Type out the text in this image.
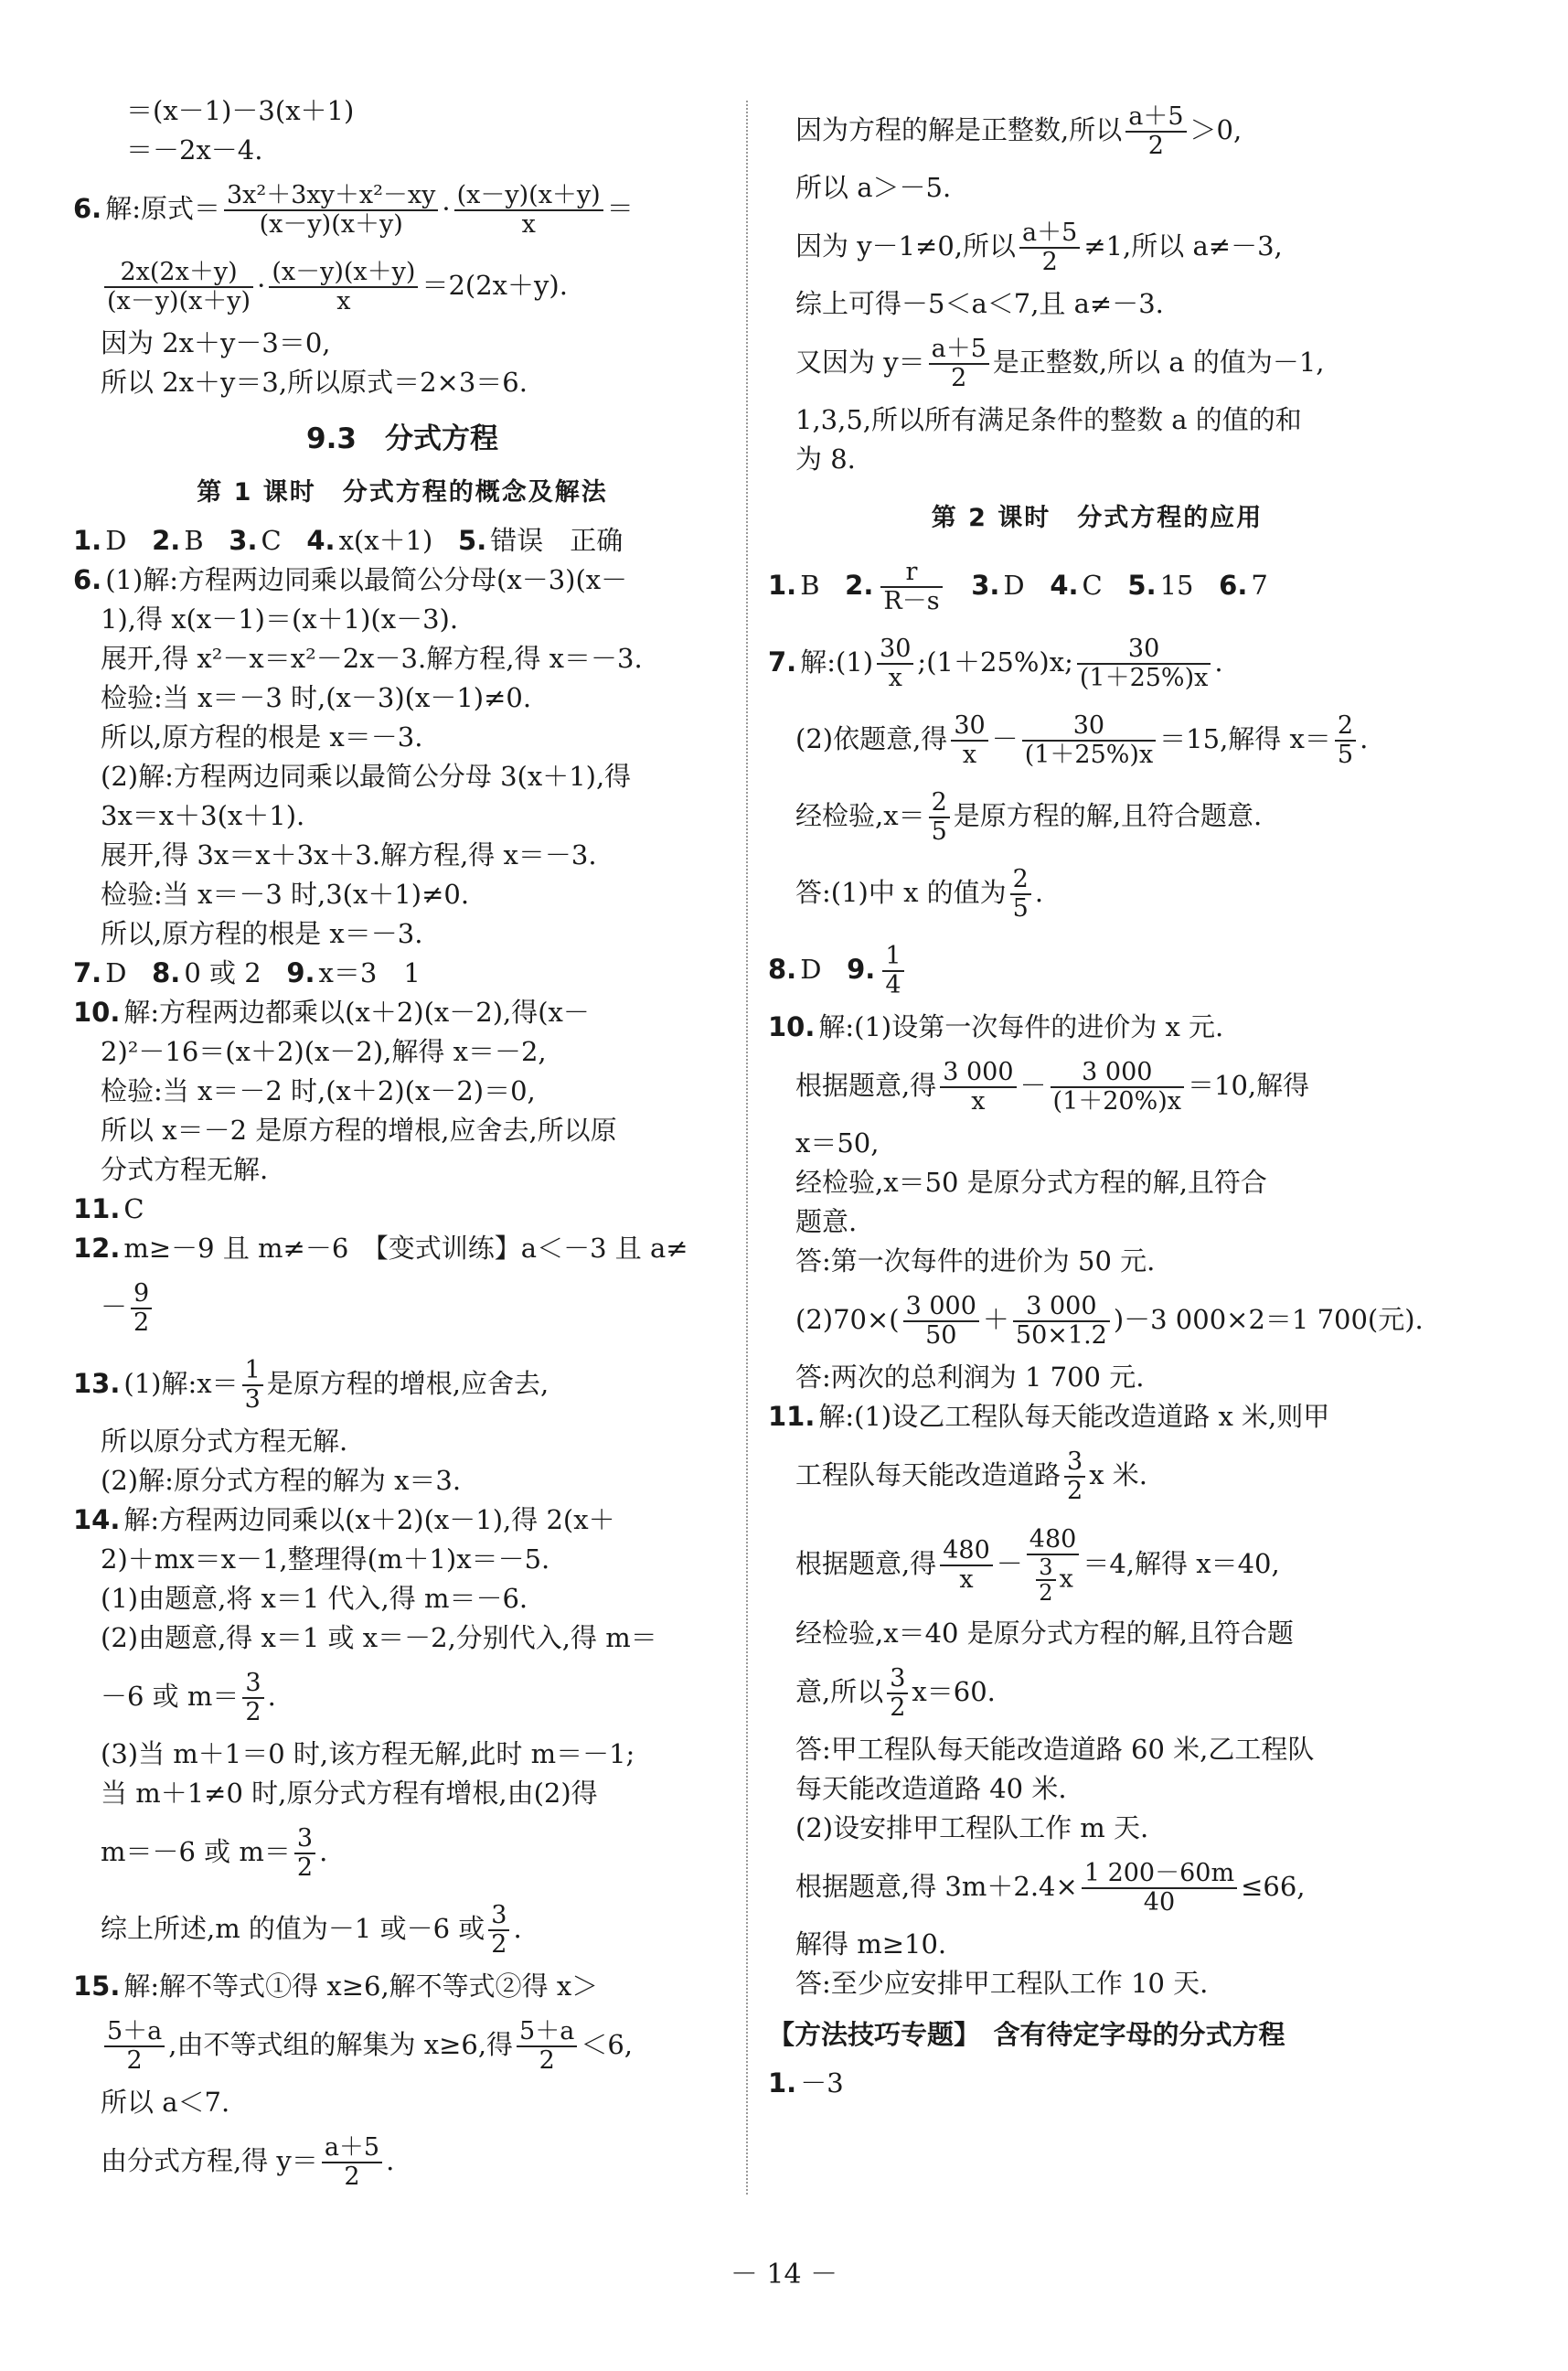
＝(x－1)－3(x＋1)
＝－2x－4.
6. 解:原式＝ $\frac{\text{3x²＋3xy＋x²－xy}}{(x-y)(x+y)} \cdot \frac{(x-y)(x+y)}{x}$ ＝
$\frac{2x(2x+y)}{(x-y)(x+y)} \cdot \frac{(x-y)(x+y)}{x} =2(2x+y)$.
因为 2x＋y－3＝0,
所以 2x＋y＝3,所以原式＝2×3＝6.
9.3　分式方程
第 1 课时　分式方程的概念及解法
1. D 2. B 3. C 4. x(x＋1) 5. 错误　正确
6. (1)解:方程两边同乘以最简公分母(x－3)(x－
1),得 x(x－1)＝(x＋1)(x－3).
展开,得 x²－x＝x²－2x－3.解方程,得 x＝－3.
检验:当 x＝－3 时,(x－3)(x－1)≠0.
所以,原方程的根是 x＝－3.
(2)解:方程两边同乘以最简公分母 3(x＋1),得
3x＝x＋3(x＋1).
展开,得 3x＝x＋3x＋3.解方程,得 x＝－3.
检验:当 x＝－3 时,3(x＋1)≠0.
所以,原方程的根是 x＝－3.
7. D 8. 0 或 2 9. x＝3　1
10. 解:方程两边都乘以(x＋2)(x－2),得(x－
2)²－16＝(x＋2)(x－2),解得 x＝－2,
检验:当 x＝－2 时,(x＋2)(x－2)＝0,
所以 x＝－2 是原方程的增根,应舍去,所以原
分式方程无解.
11. C
12. m≥－9 且 m≠－6　【变式训练】a＜－3 且 a≠
－ $\frac{9}{2}$
13. (1)解:x＝ $\frac{1}{3}$ 是原方程的增根,应舍去,
所以原分式方程无解.
(2)解:原分式方程的解为 x＝3.
14. 解:方程两边同乘以(x＋2)(x－1),得 2(x＋
2)＋mx＝x－1,整理得(m＋1)x＝－5.
(1)由题意,将 x＝1 代入,得 m＝－6.
(2)由题意,得 x＝1 或 x＝－2,分别代入,得 m＝
－6 或 $m= \frac{3}{2}$ .
(3)当 m＋1＝0 时,该方程无解,此时 m＝－1;
当 m＋1≠0 时,原分式方程有增根,由(2)得
m＝－6 或 $m= \frac{3}{2}$ .
综上所述,m 的值为－1 或－6 或 $\frac{3}{2}$ .
15. 解:解不等式①得 x≥6,解不等式②得 x＞
$\frac{5+a}{2}$ ,由不等式组的解集为 x≥6,得 $\frac{5+a}{2} <6$,
所以 a＜7.
由分式方程,得 $y= \frac{a+5}{2}$ .
因为方程的解是正整数,所以 $\frac{a+5}{2} >0$,
所以 a＞－5.
因为 y－1≠0,所以 $\frac{a+5}{2} \ne 1$,所以 a≠－3,
综上可得－5＜a＜7,且 a≠－3.
又因为 $y= \frac{a+5}{2}$ 是正整数,所以 a 的值为－1,
1,3,5,所以所有满足条件的整数 a 的值的和
为 8.
第 2 课时　分式方程的应用
1. B 2. $\frac{r}{R-s} 3$. D 4. C 5. 15 6. 7
7. 解:(1) $\frac{30}{x}$ ;(1＋25%)x; $\frac{30}{(1+25\%)x}$ .
(2)依题意,得 $\frac{30}{x} - \frac{30}{(1+25\%)x} =15$,解得 $x= \frac{2}{5}$ .
经检验$,x= \frac{2}{5}$ 是原方程的解,且符合题意.
答:(1)中 x 的值为 $\frac{2}{5}$ .
8. D 9. $\frac{1}{4}$
10. 解:(1)设第一次每件的进价为 x 元.
根据题意,得 $\frac{3 000}{x} - \frac{3 000}{(1+20\%)x} =10$,解得
x＝50,
经检验,x＝50 是原分式方程的解,且符合
题意.
答:第一次每件的进价为 50 元.
$(2)70\times( \frac{3 000}{50} + \frac{3 000}{50\times 1.2} )-3$ 000×2＝1 700(元).
答:两次的总利润为 1 700 元.
11. 解:(1)设乙工程队每天能改造道路 x 米,则甲
工程队每天能改造道路 $\frac{3}{2}$ x 米.
根据题意,得 $\frac{480}{x} - \frac{480}{\frac{3}{2} x} =4$,解得 x＝40,
经检验,x＝40 是原分式方程的解,且符合题
意,所以 $\frac{3}{2} x=60$.
答:甲工程队每天能改造道路 60 米,乙工程队
每天能改造道路 40 米.
(2)设安排甲工程队工作 m 天.
根据题意,得 $3m+2.4\times \frac{1 200-60m}{40} \le 66$,
解得 m≥10.
答:至少应安排甲工程队工作 10 天.
【方法技巧专题】　含有待定字母的分式方程
1. －3
－ 14 －
